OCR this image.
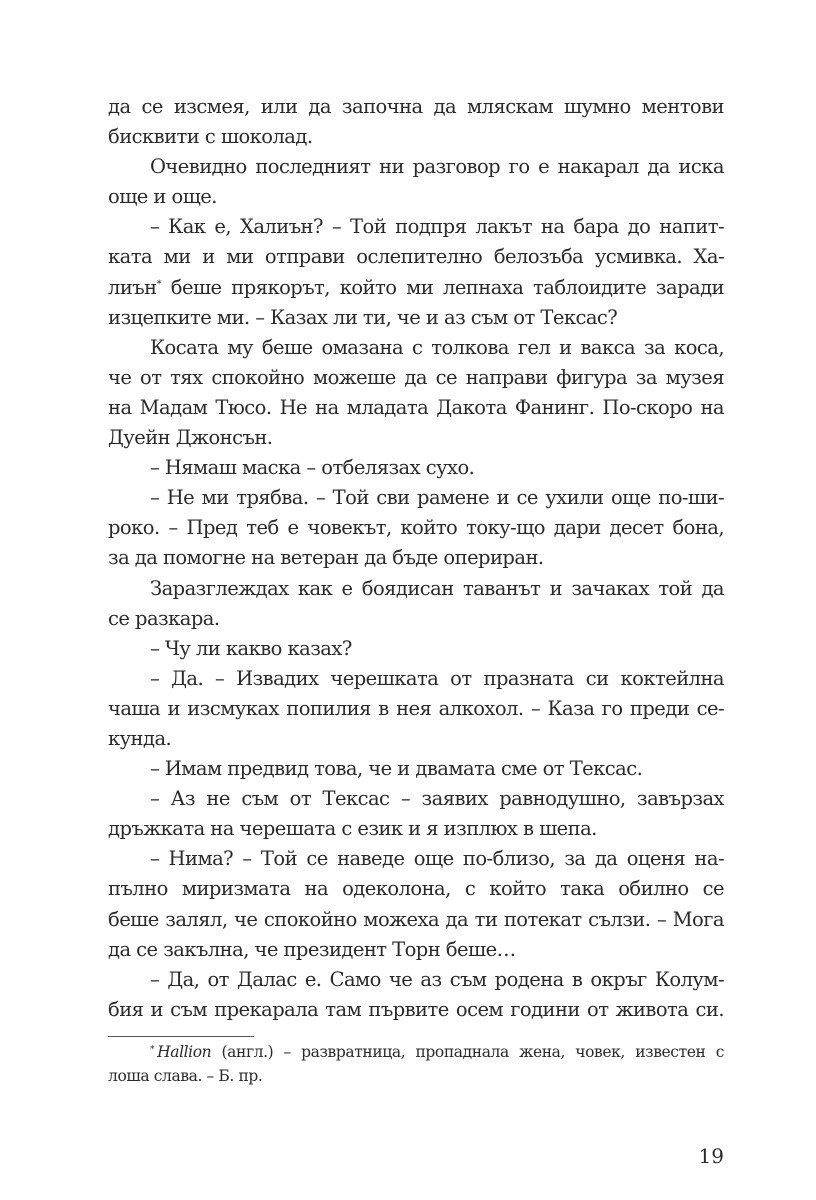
да се изсмея, или да започна да мляскам шумно ментови
бисквити с шоколад.
Очевидно последният ни разговор го е накарал да иска
още и още.
– Как е, Халиън? – Той подпря лакът на бара до напит-
ката ми и ми отправи ослепително белозъба усмивка. Ха-
лиън* беше прякорът, който ми лепнаха таблоидите заради
изцепките ми. – Казах ли ти, че и аз съм от Тексас?
Косата му беше омазана с толкова гел и вакса за коса,
че от тях спокойно можеше да се направи фигура за музея
на Мадам Тюсо. Не на младата Дакота Фанинг. По-скоро на
Дуейн Джонсън.
– Нямаш маска – отбелязах сухо.
– Не ми трябва. – Той сви рамене и се ухили още по-ши-
роко. – Пред теб е човекът, който току-що дари десет бона,
за да помогне на ветеран да бъде опериран.
Заразглеждах как е боядисан таванът и зачаках той да
се разкара.
– Чу ли какво казах?
– Да. – Извадих черешката от празната си коктейлна
чаша и изсмуках попилия в нея алкохол. – Каза го преди се-
кунда.
– Имам предвид това, че и двамата сме от Тексас.
– Аз не съм от Тексас – заявих равнодушно, завързах
дръжката на черешата с език и я изплюх в шепа.
– Нима? – Той се наведе още по-близо, за да оценя на-
пълно миризмата на одеколона, с който така обилно се
беше залял, че спокойно можеха да ти потекат сълзи. – Мога
да се закълна, че президент Торн беше…
– Да, от Далас е. Само че аз съм родена в окръг Колум-
бия и съм прекарала там първите осем години от живота си.
* Hallion (англ.) – развратница, пропаднала жена, човек, известен с
лоша слава. – Б. пр.
19
